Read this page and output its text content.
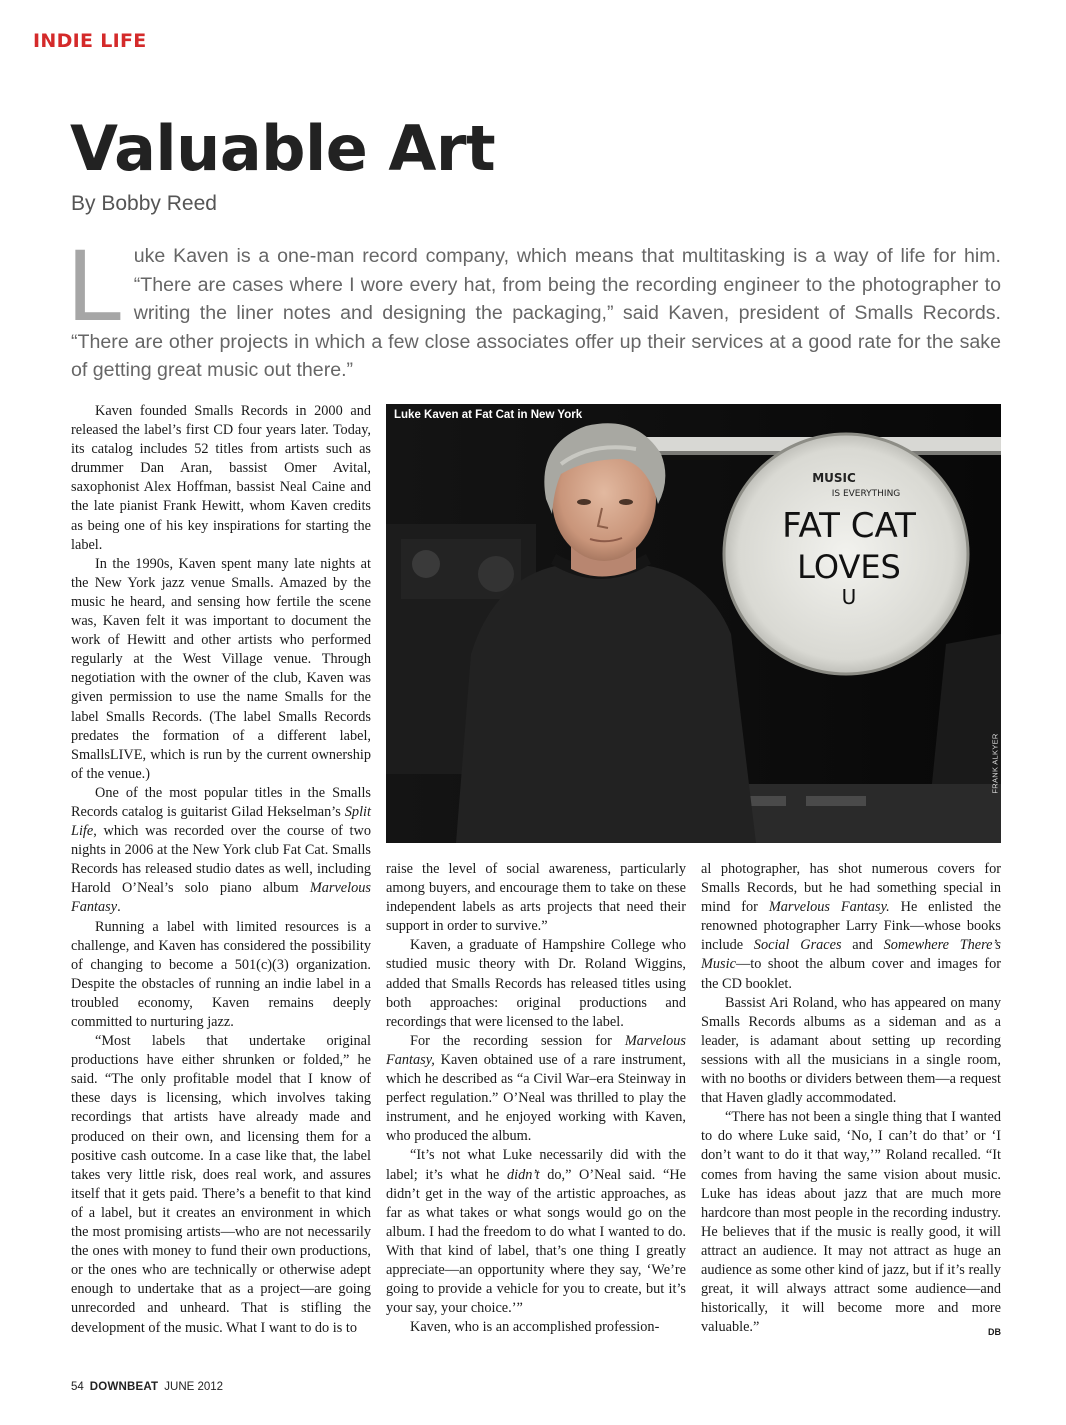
INDIE LIFE
Valuable Art
By Bobby Reed

Luke Kaven is a one-man record company, which means that multitasking is a way of life for him. “There are cases where I wore every hat, from being the recording engineer to the photographer to writing the liner notes and designing the packaging,” said Kaven, president of Smalls Records. “There are other projects in which a few close associates offer up their services at a good rate for the sake of getting great music out there.”

Kaven founded Smalls Records in 2000 and released the label’s first CD four years later. Today, its catalog includes 52 titles from artists such as drummer Dan Aran, bassist Omer Avital, saxophonist Alex Hoffman, bassist Neal Caine and the late pianist Frank Hewitt, whom Kaven credits as being one of his key inspirations for starting the label.

In the 1990s, Kaven spent many late nights at the New York jazz venue Smalls. Amazed by the music he heard, and sensing how fertile the scene was, Kaven felt it was important to document the work of Hewitt and other artists who performed regularly at the West Village venue. Through negotiation with the owner of the club, Kaven was given permission to use the name Smalls for the label Smalls Records. (The label Smalls Records predates the formation of a different label, SmallsLIVE, which is run by the current ownership of the venue.)

One of the most popular titles in the Smalls Records catalog is guitarist Gilad Hekselman’s Split Life, which was recorded over the course of two nights in 2006 at the New York club Fat Cat. Smalls Records has released studio dates as well, including Harold O’Neal’s solo piano album Marvelous Fantasy.

Running a label with limited resources is a challenge, and Kaven has considered the possibility of changing to become a 501(c)(3) organization. Despite the obstacles of running an indie label in a troubled economy, Kaven remains deeply committed to nurturing jazz.

“Most labels that undertake original productions have either shrunken or folded,” he said. “The only profitable model that I know of these days is licensing, which involves taking recordings that artists have already made and produced on their own, and licensing them for a positive cash outcome. In a case like that, the label takes very little risk, does real work, and assures itself that it gets paid. There’s a benefit to that kind of a label, but it creates an environment in which the most promising artists—who are not necessarily the ones with money to fund their own productions, or the ones who are technically or otherwise adept enough to undertake that as a project—are going unrecorded and unheard. That is stifling the development of the music. What I want to do is to

MUSIC
IS EVERYTHING
FAT CAT
LOVES
U
Luke Kaven at Fat Cat in New York
FRANK ALKYER

raise the level of social awareness, particularly among buyers, and encourage them to take on these independent labels as arts projects that need their support in order to survive.”

Kaven, a graduate of Hampshire College who studied music theory with Dr. Roland Wiggins, added that Smalls Records has released titles using both approaches: original productions and recordings that were licensed to the label.

For the recording session for Marvelous Fantasy, Kaven obtained use of a rare instrument, which he described as “a Civil War–era Steinway in perfect regulation.” O’Neal was thrilled to play the instrument, and he enjoyed working with Kaven, who produced the album.

“It’s not what Luke necessarily did with the label; it’s what he didn’t do,” O’Neal said. “He didn’t get in the way of the artistic approaches, as far as what takes or what songs would go on the album. I had the freedom to do what I wanted to do. With that kind of label, that’s one thing I greatly appreciate—an opportunity where they say, ‘We’re going to provide a vehicle for you to create, but it’s your say, your choice.’”

Kaven, who is an accomplished profession-

al photographer, has shot numerous covers for Smalls Records, but he had something special in mind for Marvelous Fantasy. He enlisted the renowned photographer Larry Fink—whose books include Social Graces and Somewhere There’s Music—to shoot the album cover and images for the CD booklet.

Bassist Ari Roland, who has appeared on many Smalls Records albums as a sideman and as a leader, is adamant about setting up recording sessions with all the musicians in a single room, with no booths or dividers between them—a request that Haven gladly accommodated.

“There has not been a single thing that I wanted to do where Luke said, ‘No, I can’t do that’ or ‘I don’t want to do it that way,’” Roland recalled. “It comes from having the same vision about music. Luke has ideas about jazz that are much more hardcore than most people in the recording industry. He believes that if the music is really good, it will attract an audience. It may not attract as huge an audience as some other kind of jazz, but if it’s really great, it will always attract some audience—and historically, it will become more and more valuable.”	DB

54 DOWNBEAT JUNE 2012
